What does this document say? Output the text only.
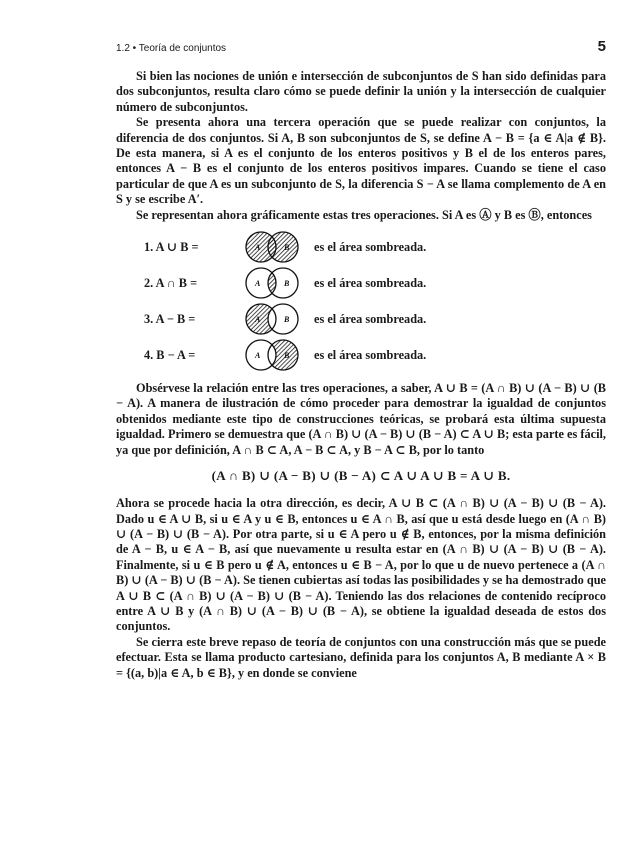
1.2 • Teoría de conjuntos	5

Si bien las nociones de unión e intersección de subconjuntos de S han sido definidas para dos subconjuntos, resulta claro cómo se puede definir la unión y la intersección de cualquier número de subconjuntos.

Se presenta ahora una tercera operación que se puede realizar con conjuntos, la diferencia de dos conjuntos. Si A, B son subconjuntos de S, se define A − B = {a ∈ A|a ∉ B}. De esta manera, si A es el conjunto de los enteros positivos y B el de los enteros pares, entonces A − B es el conjunto de los enteros positivos impares. Cuando se tiene el caso particular de que A es un subconjunto de S, la diferencia S − A se llama complemento de A en S y se escribe A′.

Se representan ahora gráficamente estas tres operaciones. Si A es Ⓐ y B es Ⓑ, entonces

1. A ∪ B =	A	B es el área sombreada.
2. A ∩ B =	A	B es el área sombreada.
3. A − B =	A	B es el área sombreada.
4. B − A =	A	B es el área sombreada.

Obsérvese la relación entre las tres operaciones, a saber, A ∪ B = (A ∩ B) ∪ (A − B) ∪ (B − A). A manera de ilustración de cómo proceder para demostrar la igualdad de conjuntos obtenidos mediante este tipo de construcciones teóricas, se probará esta última supuesta igualdad. Primero se demuestra que (A ∩ B) ∪ (A − B) ∪ (B − A) ⊂ A ∪ B; esta parte es fácil, ya que por definición, A ∩ B ⊂ A, A − B ⊂ A, y B − A ⊂ B, por lo tanto

(A ∩ B) ∪ (A − B) ∪ (B − A) ⊂ A ∪ A ∪ B = A ∪ B.

Ahora se procede hacia la otra dirección, es decir, A ∪ B ⊂ (A ∩ B) ∪ (A − B) ∪ (B − A). Dado u ∈ A ∪ B, si u ∈ A y u ∈ B, entonces u ∈ A ∩ B, así que u está desde luego en (A ∩ B) ∪ (A − B) ∪ (B − A). Por otra parte, si u ∈ A pero u ∉ B, entonces, por la misma definición de A − B, u ∈ A − B, así que nuevamente u resulta estar en (A ∩ B) ∪ (A − B) ∪ (B − A). Finalmente, si u ∈ B pero u ∉ A, entonces u ∈ B − A, por lo que u de nuevo pertenece a (A ∩ B) ∪ (A − B) ∪ (B − A). Se tienen cubiertas así todas las posibilidades y se ha demostrado que A ∪ B ⊂ (A ∩ B) ∪ (A − B) ∪ (B − A). Teniendo las dos relaciones de contenido recíproco entre A ∪ B y (A ∩ B) ∪ (A − B) ∪ (B − A), se obtiene la igualdad deseada de estos dos conjuntos.

Se cierra este breve repaso de teoría de conjuntos con una construcción más que se puede efectuar. Esta se llama producto cartesiano, definida para los conjuntos A, B mediante A × B = {(a, b)|a ∈ A, b ∈ B}, y en donde se conviene
